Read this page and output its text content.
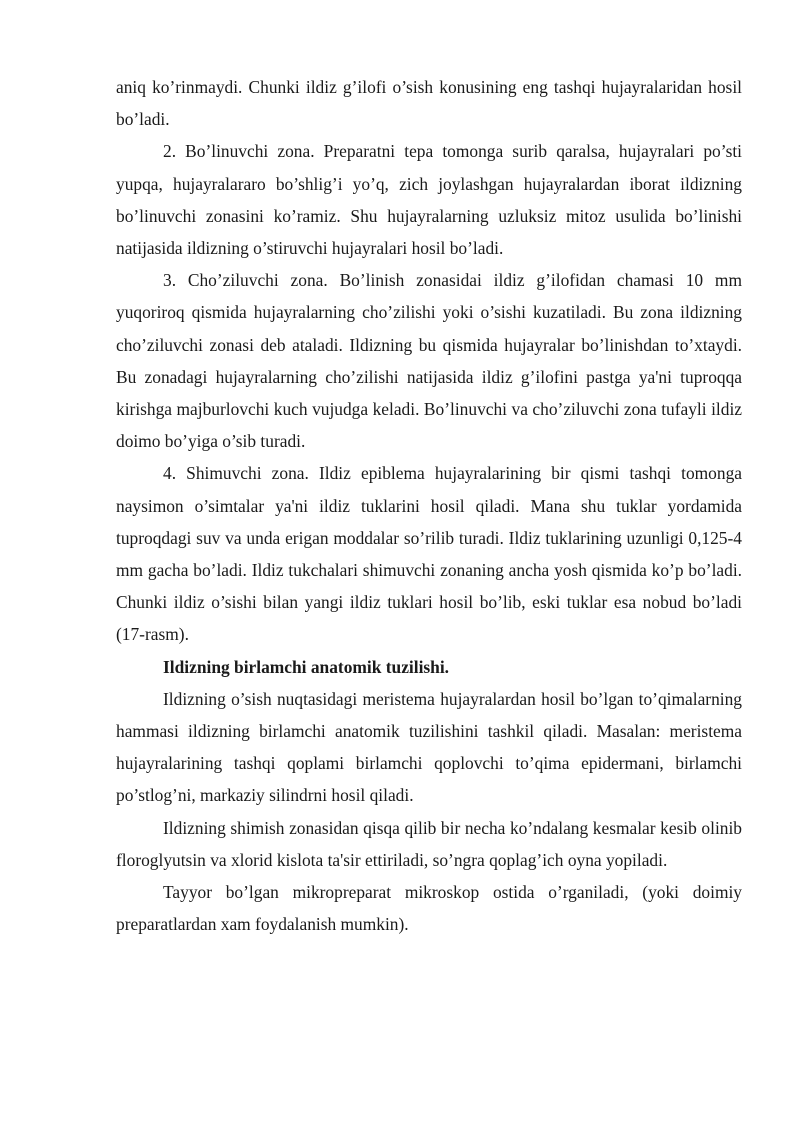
aniq ko’rinmaydi. Chunki ildiz g’ilofi o’sish konusining eng tashqi hujayralaridan hosil bo’ladi.

2. Bo’linuvchi zona. Preparatni tepa tomonga surib qaralsa, hujayralari po’sti yupqa, hujayralararo bo’shlig’i yo’q, zich joylashgan hujayralardan iborat ildizning bo’linuvchi zonasini ko’ramiz. Shu hujayralarning uzluksiz mitoz usulida bo’linishi natijasida ildizning o’stiruvchi hujayralari hosil bo’ladi.

3. Cho’ziluvchi zona. Bo’linish zonasidai ildiz g’ilofidan chamasi 10 mm yuqoriroq qismida hujayralarning cho’zilishi yoki o’sishi kuzatiladi. Bu zona ildizning cho’ziluvchi zonasi deb ataladi. Ildizning bu qismida hujayralar bo’linishdan to’xtaydi. Bu zonadagi hujayralarning cho’zilishi natijasida ildiz g’ilofini pastga ya'ni tuproqqa kirishga majburlovchi kuch vujudga keladi. Bo’linuvchi va cho’ziluvchi zona tufayli ildiz doimo bo’yiga o’sib turadi.

4. Shimuvchi zona. Ildiz epiblema hujayralarining bir qismi tashqi tomonga naysimon o’simtalar ya'ni ildiz tuklarini hosil qiladi. Mana shu tuklar yordamida tuproqdagi suv va unda erigan moddalar so’rilib turadi. Ildiz tuklarining uzunligi 0,125-4 mm gacha bo’ladi. Ildiz tukchalari shimuvchi zonaning ancha yosh qismida ko’p bo’ladi. Chunki ildiz o’sishi bilan yangi ildiz tuklari hosil bo’lib, eski tuklar esa nobud bo’ladi (17-rasm).

Ildizning birlamchi anatomik tuzilishi.

Ildizning o’sish nuqtasidagi meristema hujayralardan hosil bo’lgan to’qimalarning hammasi ildizning birlamchi anatomik tuzilishini tashkil qiladi. Masalan: meristema hujayralarining tashqi qoplami birlamchi qoplovchi to’qima epidermani, birlamchi po’stlog’ni, markaziy silindrni hosil qiladi.

Ildizning shimish zonasidan qisqa qilib bir necha ko’ndalang kesmalar kesib olinib floroglyutsin va xlorid kislota ta'sir ettiriladi, so’ngra qoplag’ich oyna yopiladi.

Tayyor bo’lgan mikropreparat mikroskop ostida o’rganiladi, (yoki doimiy preparatlardan xam foydalanish mumkin).
